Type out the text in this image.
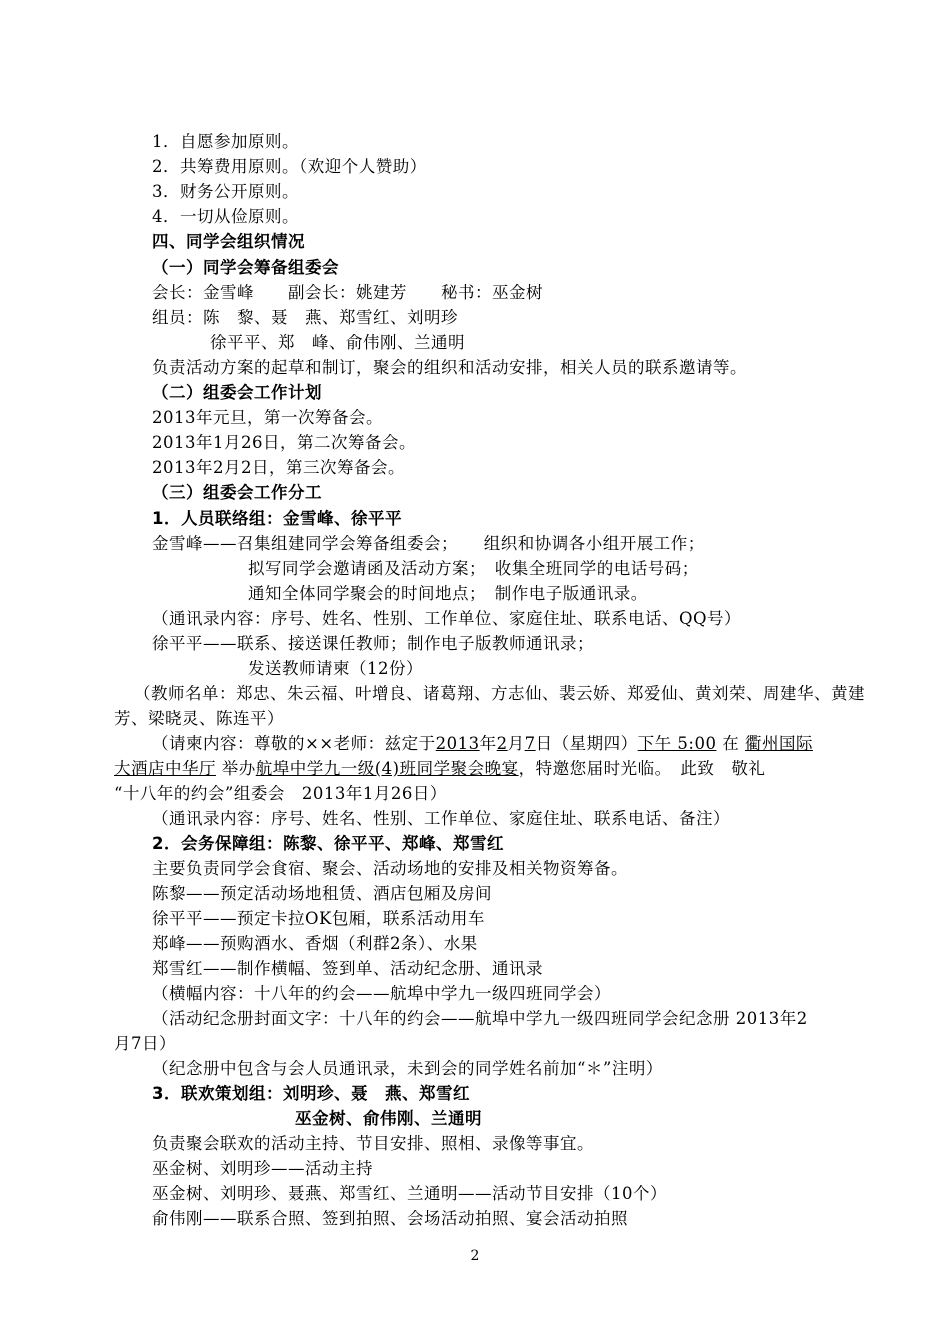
1．自愿参加原则。
2．共筹费用原则。（欢迎个人赞助）
3．财务公开原则。
4．一切从俭原则。
四、同学会组织情况
（一）同学会筹备组委会
会长：金雪峰　　副会长：姚建芳　　秘书：巫金树
组员：陈　黎、聂　燕、郑雪红、刘明珍
徐平平、郑　峰、俞伟刚、兰通明
负责活动方案的起草和制订，聚会的组织和活动安排，相关人员的联系邀请等。
（二）组委会工作计划
2013年元旦，第一次筹备会。
2013年1月26日，第二次筹备会。
2013年2月2日，第三次筹备会。
（三）组委会工作分工
1．人员联络组：金雪峰、徐平平
金雪峰——召集组建同学会筹备组委会；　　组织和协调各小组开展工作；
拟写同学会邀请函及活动方案；　收集全班同学的电话号码；
通知全体同学聚会的时间地点；　制作电子版通讯录。
（通讯录内容：序号、姓名、性别、工作单位、家庭住址、联系电话、QQ号）
徐平平——联系、接送课任教师；制作电子版教师通讯录；
发送教师请柬（12份）
（教师名单：郑忠、朱云福、叶增良、诸葛翔、方志仙、裴云娇、郑爱仙、黄刘荣、周建华、黄建
芳、梁晓灵、陈连平）
（请柬内容：尊敬的××老师：兹定于2013年2月7日（星期四）下午 5:00 在 衢州国际
大酒店中华厅 举办航埠中学九一级(4)班同学聚会晚宴，特邀您届时光临。　此致　敬礼
“十八年的约会”组委会　2013年1月26日）
（通讯录内容：序号、姓名、性别、工作单位、家庭住址、联系电话、备注）
2．会务保障组：陈黎、徐平平、郑峰、郑雪红
主要负责同学会食宿、聚会、活动场地的安排及相关物资筹备。
陈黎——预定活动场地租赁、酒店包厢及房间
徐平平——预定卡拉OK包厢，联系活动用车
郑峰——预购酒水、香烟（利群2条）、水果
郑雪红——制作横幅、签到单、活动纪念册、通讯录
（横幅内容：十八年的约会——航埠中学九一级四班同学会）
（活动纪念册封面文字：十八年的约会——航埠中学九一级四班同学会纪念册 2013年2
月7日）
（纪念册中包含与会人员通讯录，未到会的同学姓名前加“＊”注明）
3．联欢策划组：刘明珍、聂　燕、郑雪红
巫金树、俞伟刚、兰通明
负责聚会联欢的活动主持、节目安排、照相、录像等事宜。
巫金树、刘明珍——活动主持
巫金树、刘明珍、聂燕、郑雪红、兰通明——活动节目安排（10个）
俞伟刚——联系合照、签到拍照、会场活动拍照、宴会活动拍照
2
